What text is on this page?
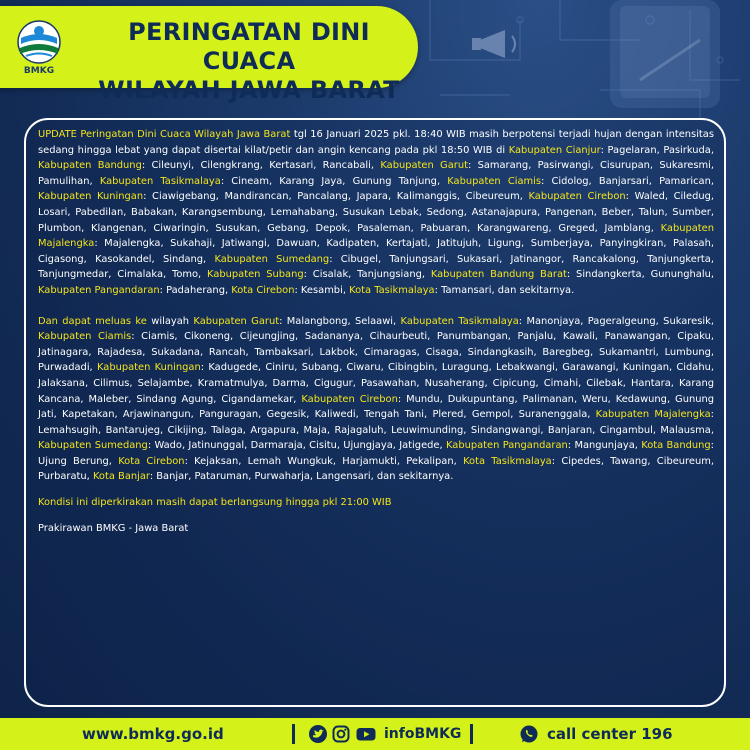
BMKG
PERINGATAN DINI CUACA
WILAYAH JAWA BARAT

UPDATE Peringatan Dini Cuaca Wilayah Jawa Barat tgl 16 Januari 2025 pkl. 18:40 WIB masih berpotensi terjadi hujan dengan intensitas sedang hingga lebat yang dapat disertai kilat/petir dan angin kencang pada pkl 18:50 WIB di Kabupaten Cianjur: Pagelaran, Pasirkuda, Kabupaten Bandung: Cileunyi, Cilengkrang, Kertasari, Rancabali, Kabupaten Garut: Samarang, Pasirwangi, Cisurupan, Sukaresmi, Pamulihan, Kabupaten Tasikmalaya: Cineam, Karang Jaya, Gunung Tanjung, Kabupaten Ciamis: Cidolog, Banjarsari, Pamarican, Kabupaten Kuningan: Ciawigebang, Mandirancan, Pancalang, Japara, Kalimanggis, Cibeureum, Kabupaten Cirebon: Waled, Ciledug, Losari, Pabedilan, Babakan, Karangsembung, Lemahabang, Susukan Lebak, Sedong, Astanajapura, Pangenan, Beber, Talun, Sumber, Plumbon, Klangenan, Ciwaringin, Susukan, Gebang, Depok, Pasaleman, Pabuaran, Karangwareng, Greged, Jamblang, Kabupaten Majalengka: Majalengka, Sukahaji, Jatiwangi, Dawuan, Kadipaten, Kertajati, Jatitujuh, Ligung, Sumberjaya, Panyingkiran, Palasah, Cigasong, Kasokandel, Sindang, Kabupaten Sumedang: Cibugel, Tanjungsari, Sukasari, Jatinangor, Rancakalong, Tanjungkerta, Tanjungmedar, Cimalaka, Tomo, Kabupaten Subang: Cisalak, Tanjungsiang, Kabupaten Bandung Barat: Sindangkerta, Gununghalu, Kabupaten Pangandaran: Padaherang, Kota Cirebon: Kesambi, Kota Tasikmalaya: Tamansari, dan sekitarnya.

Dan dapat meluas ke wilayah Kabupaten Garut: Malangbong, Selaawi, Kabupaten Tasikmalaya: Manonjaya, Pageralgeung, Sukaresik, Kabupaten Ciamis: Ciamis, Cikoneng, Cijeungjing, Sadananya, Cihaurbeuti, Panumbangan, Panjalu, Kawali, Panawangan, Cipaku, Jatinagara, Rajadesa, Sukadana, Rancah, Tambaksari, Lakbok, Cimaragas, Cisaga, Sindangkasih, Baregbeg, Sukamantri, Lumbung, Purwadadi, Kabupaten Kuningan: Kadugede, Ciniru, Subang, Ciwaru, Cibingbin, Luragung, Lebakwangi, Garawangi, Kuningan, Cidahu, Jalaksana, Cilimus, Selajambe, Kramatmulya, Darma, Cigugur, Pasawahan, Nusaherang, Cipicung, Cimahi, Cilebak, Hantara, Karang Kancana, Maleber, Sindang Agung, Cigandamekar, Kabupaten Cirebon: Mundu, Dukupuntang, Palimanan, Weru, Kedawung, Gunung Jati, Kapetakan, Arjawinangun, Panguragan, Gegesik, Kaliwedi, Tengah Tani, Plered, Gempol, Suranenggala, Kabupaten Majalengka: Lemahsugih, Bantarujeg, Cikijing, Talaga, Argapura, Maja, Rajagaluh, Leuwimunding, Sindangwangi, Banjaran, Cingambul, Malausma, Kabupaten Sumedang: Wado, Jatinunggal, Darmaraja, Cisitu, Ujungjaya, Jatigede, Kabupaten Pangandaran: Mangunjaya, Kota Bandung: Ujung Berung, Kota Cirebon: Kejaksan, Lemah Wungkuk, Harjamukti, Pekalipan, Kota Tasikmalaya: Cipedes, Tawang, Cibeureum, Purbaratu, Kota Banjar: Banjar, Pataruman, Purwaharja, Langensari, dan sekitarnya.

Kondisi ini diperkirakan masih dapat berlangsung hingga pkl 21:00 WIB

Prakirawan BMKG - Jawa Barat

www.bmkg.go.id	infoBMKG	call center 196
